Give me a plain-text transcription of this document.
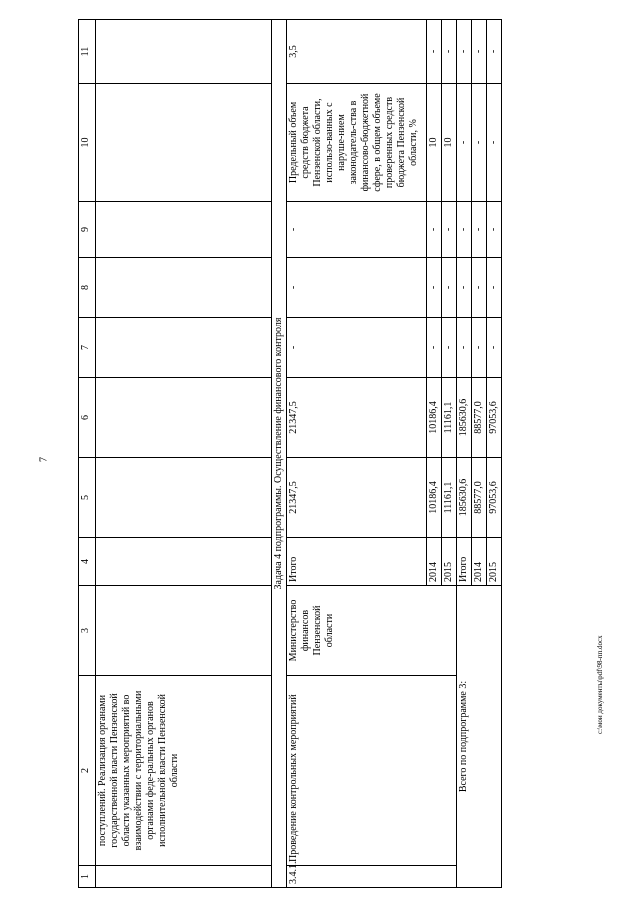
7
1	2	3	4	5	6	7	8	9	10	11
	поступлений. Реализация органами государственной власти Пензенской области указанных мероприятий во взаимодействии с территориальными органами феде-ральных органов исполнительной власти Пензенской области									
Задача 4 подпрограммы. Осуществление финансового контроля										
3.4.1.	Проведение контрольных мероприятий	Министерство финансов Пензенской области	Итого	21347,5	21347,5	-	-	-	Предельный объем средств бюджета Пензенской области, использо-ванных с наруше-нием законодатель-ства в финансово-бюджетной сфере, в общем объеме проверенных средств бюджета Пензенской области, %	3,5
			2014	10186,4	10186,4	-	-	-	10	-
			2015	11161,1	11161,1	-	-	-	10	-
Всего по подпрограмме 3:			Итого	185630,6	185630,6	-	-	-	-	-
			2014	88577,0	88577,0	-	-	-	-	-
			2015	97053,6	97053,6	-	-	-	-	-
c:\мои документы\pdf\98-пп.docx
